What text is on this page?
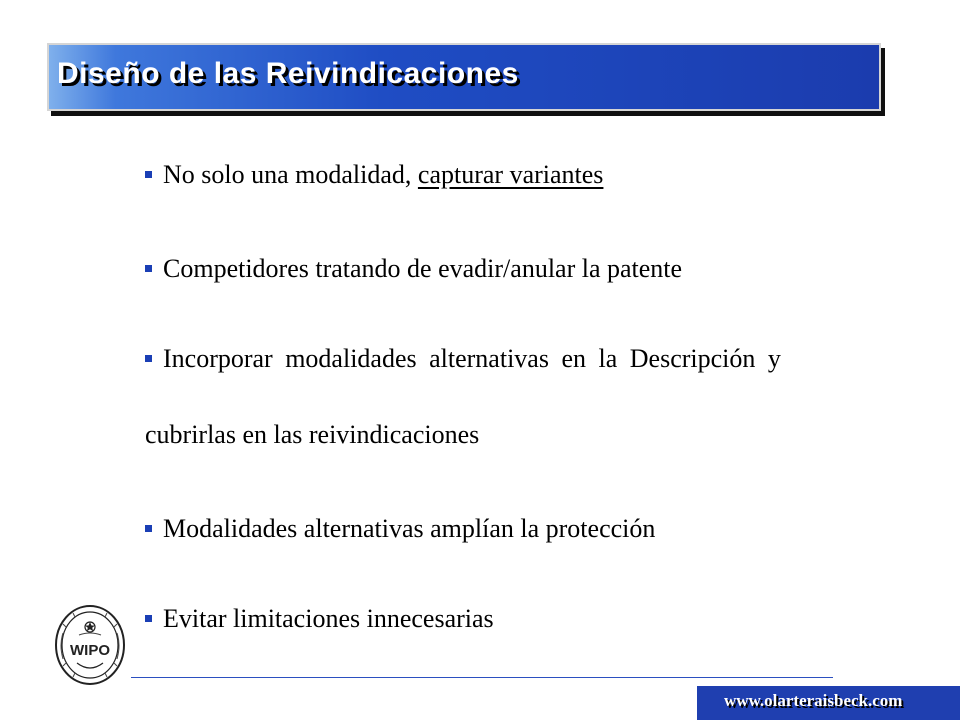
Diseño de las Reivindicaciones
No solo una modalidad, capturar variantes
Competidores tratando de evadir/anular la patente
Incorporar modalidades alternativas en la Descripción y
cubrirlas en las reivindicaciones
Modalidades alternativas amplían la protección
Evitar limitaciones innecesarias
WIPO
www.olarteraisbeck.com
